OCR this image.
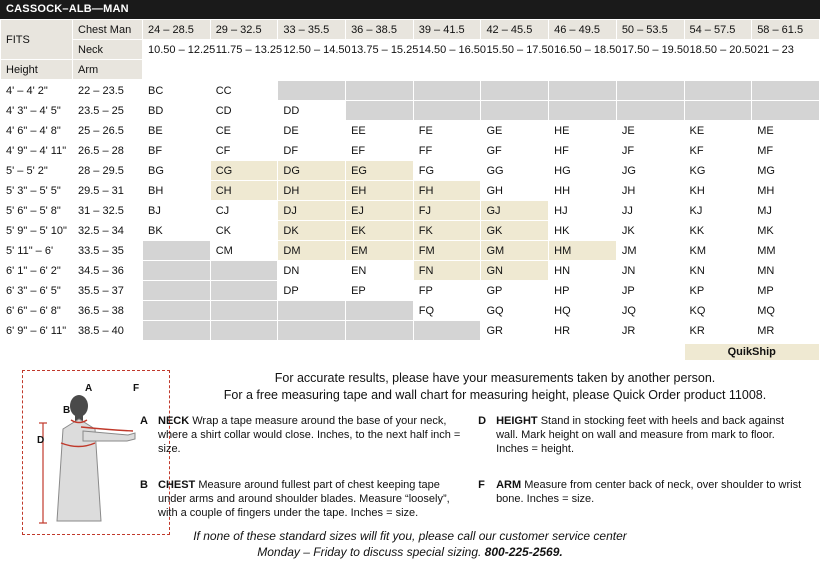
CASSOCK–ALB—MAN
FITS	Chest Man	24 – 28.5	29 – 32.5	33 – 35.5	36 – 38.5	39 – 41.5	42 – 45.5	46 – 49.5	50 – 53.5	54 – 57.5	58 – 61.5
	Neck	10.50 – 12.25	11.75 – 13.25	12.50 – 14.50	13.75 – 15.25	14.50 – 16.50	15.50 – 17.50	16.50 – 18.50	17.50 – 19.50	18.50 – 20.50	21 – 23
Height	Arm										
4' – 4' 2"	22 – 23.5	BC	CC								
4' 3" – 4' 5"	23.5 – 25	BD	CD	DD							
4' 6" – 4' 8"	25 – 26.5	BE	CE	DE	EE	FE	GE	HE	JE	KE	ME
4' 9" – 4' 11"	26.5 – 28	BF	CF	DF	EF	FF	GF	HF	JF	KF	MF
5' – 5' 2"	28 – 29.5	BG	CG	DG	EG	FG	GG	HG	JG	KG	MG
5' 3" – 5' 5"	29.5 – 31	BH	CH	DH	EH	FH	GH	HH	JH	KH	MH
5' 6" – 5' 8"	31 – 32.5	BJ	CJ	DJ	EJ	FJ	GJ	HJ	JJ	KJ	MJ
5' 9" – 5' 10"	32.5 – 34	BK	CK	DK	EK	FK	GK	HK	JK	KK	MK
5' 11" – 6'	33.5 – 35		CM	DM	EM	FM	GM	HM	JM	KM	MM
6' 1" – 6' 2"	34.5 – 36			DN	EN	FN	GN	HN	JN	KN	MN
6' 3" – 6' 5"	35.5 – 37			DP	EP	FP	GP	HP	JP	KP	MP
6' 6" – 6' 8"	36.5 – 38					FQ	GQ	HQ	JQ	KQ	MQ
6' 9" – 6' 11"	38.5 – 40						GR	HR	JR	KR	MR

QuikShip
A
B
F
D
For accurate results, please have your measurements taken by another person.
For a free measuring tape and wall chart for measuring height, please Quick Order product 11008.
A NECK Wrap a tape measure around the base of your neck, where a shirt collar would close. Inches, to the next half inch = size.
B CHEST Measure around fullest part of chest keeping tape under arms and around shoulder blades. Measure “loosely”, with a couple of fingers under the tape. Inches = size.

D HEIGHT Stand in stocking feet with heels and back against wall. Mark height on wall and measure from mark to floor. Inches = height.
F ARM Measure from center back of neck, over shoulder to wrist bone. Inches = size.
If none of these standard sizes will fit you, please call our customer service center
Monday – Friday to discuss special sizing. 800-225-2569.
